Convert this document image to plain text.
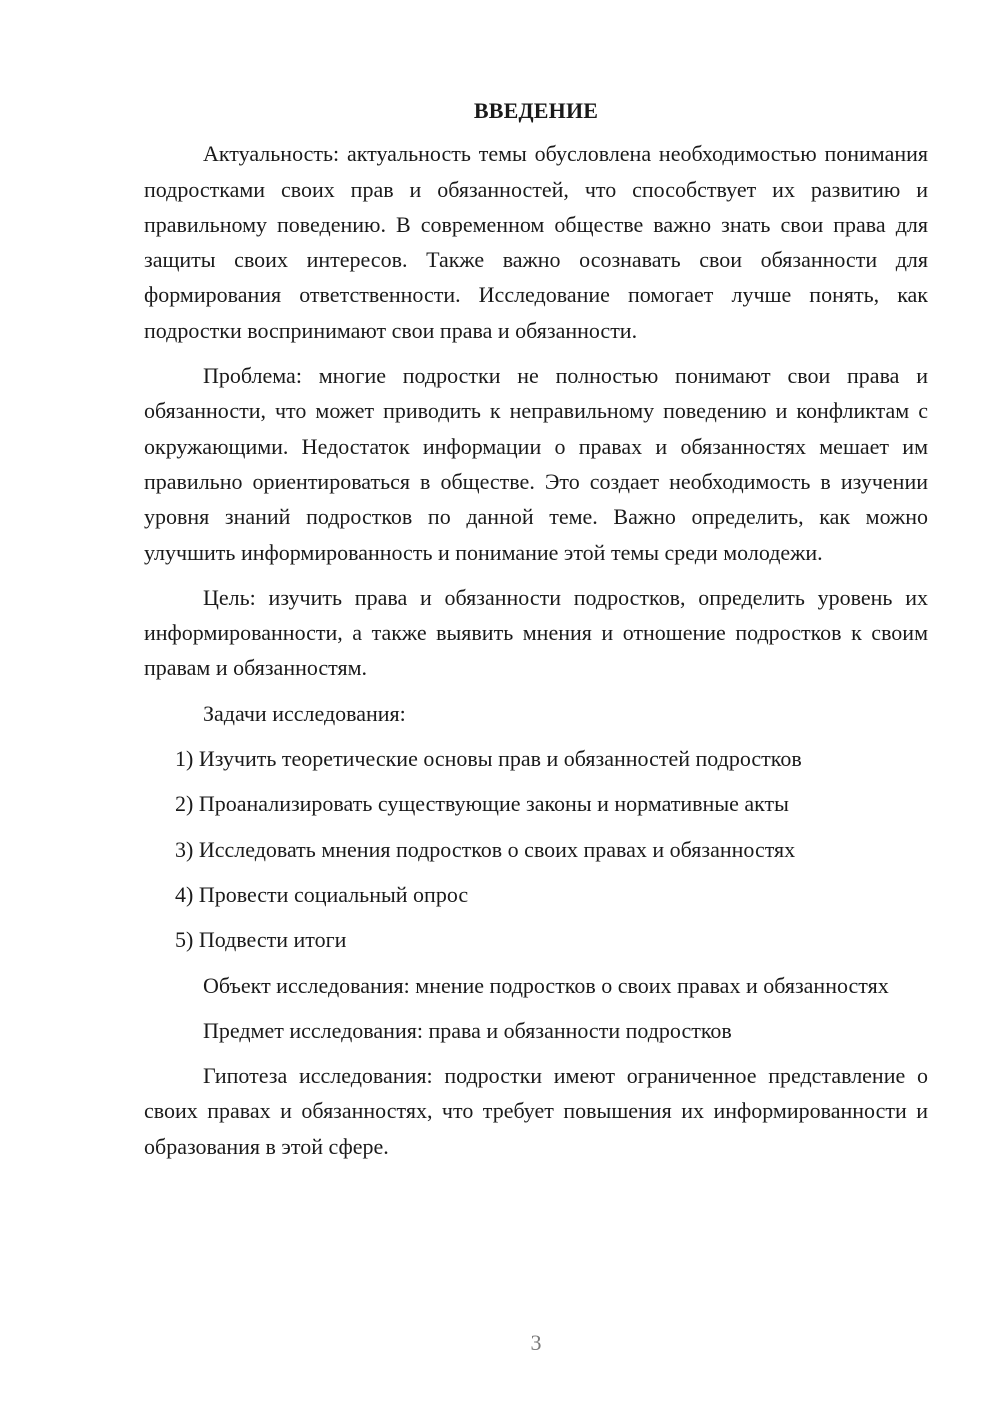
ВВЕДЕНИЕ

Актуальность: актуальность темы обусловлена необходимостью понимания подростками своих прав и обязанностей, что способствует их развитию и правильному поведению. В современном обществе важно знать свои права для защиты своих интересов. Также важно осознавать свои обязанности для формирования ответственности. Исследование помогает лучше понять, как подростки воспринимают свои права и обязанности.

Проблема: многие подростки не полностью понимают свои права и обязанности, что может приводить к неправильному поведению и конфликтам с окружающими. Недостаток информации о правах и обязанностях мешает им правильно ориентироваться в обществе. Это создает необходимость в изучении уровня знаний подростков по данной теме. Важно определить, как можно улучшить информированность и понимание этой темы среди молодежи.

Цель: изучить права и обязанности подростков, определить уровень их информированности, а также выявить мнения и отношение подростков к своим правам и обязанностям.

Задачи исследования:

1) Изучить теоретические основы прав и обязанностей подростков
2) Проанализировать существующие законы и нормативные акты
3) Исследовать мнения подростков о своих правах и обязанностях
4) Провести социальный опрос
5) Подвести итоги

Объект исследования: мнение подростков о своих правах и обязанностях

Предмет исследования: права и обязанности подростков

Гипотеза исследования: подростки имеют ограниченное представление о своих правах и обязанностях, что требует повышения их информированности и образования в этой сфере.

3
